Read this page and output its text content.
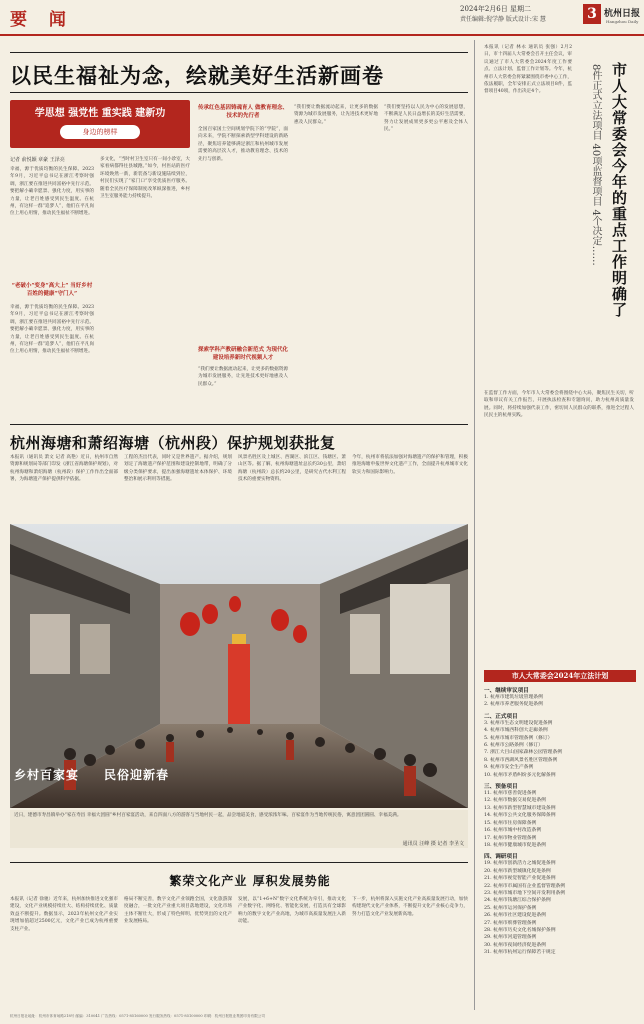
要 闻
2024年2月6日 星期二
责任编辑:倪学静 版式设计:宋 慧	3 杭州日报
Hangzhou Daily
以民生福祉为念，绘就美好生活新画卷
学思想 强党性 重实践 建新功
身边的榜样
记者 俞悦颖 章豪 王泽亮
幸福，源于优质均衡的民生保障。2023年9月，习近平总书记在浙江考察时强调，浙江要在推进共同富裕中先行示范。要把解小确幸愿景、强化力度，用实事的力量，让老百姓感受到民生温度。在杭州，有这样一群“追梦人”，他们在平凡岗位上用心用情，推动民生福祉不断增进。
“老破小”变身“高大上” 当好乡村百姓的健康“守门人”
幸福，源于优质均衡的民生保障。2023年9月，习近平总书记在浙江考察时强调，浙江要在推进共同富裕中先行示范。要把解小确幸愿景、强化力度，用实事的力量，让老百姓感受到民生温度。在杭州，有这样一群“追梦人”，他们在平凡岗位上用心用情，推动民生福祉不断增进。
多文化，“当时村卫生室只有一间小诊室，大家看病都得往县城跑。”如今，村医站的医疗环境焕然一新，新装备与新设施陆续到位，村民们实现了“家门口”享受优质医疗服务。随着全民医疗保障制度改革纵深推进，乡村卫生室服务能力持续提升。
传承红色基因铸魂育人 做教育理念、技术的先行者
全国百家国土空间规划学院下的“学院”，面向未来，学院不断探索新型学科建设的新路径，聚焦培养能够满足浙江和杭州城市发展需要的高层次人才，推动教育理念、技术的先行与创新。
探索学科产教研融合新范式 为现代化建设培养新时代视频人才
“我们要让数据流动起来，让更多的数据资源为城市发展服务，让先进技术更好地惠及人民群众。”
“我们要让数据流动起来，让更多的数据资源为城市发展服务，让先进技术更好地惠及人民群众。”
“我们要坚持以人民为中心的发展思想，不断满足人民日益增长的美好生活需要，努力让发展成果更多更公平惠及全体人民。”	市人大常委会今年的重点工作明确了
8件正式立法项目 40项监督项目 4个决定……
本报讯（记者 林永 通讯员 张强）2月2日，市十四届人大常委会召开主任会议，审议通过了市人大常委会2024年度工作要点、立法计划、监督工作计划等。今年，杭州市人大常委会将紧紧围绕市委中心工作，依法履职，全年安排正式立法项目8件，监督项目40项，作出决定4个。
在监督工作方面，今年市人大常委会将围绕中心大局，聚焦民生关切，听取和审议有关工作报告，开展执法检查和专题询问，助力杭州高质量发展。同时，将持续加强代表工作，密切同人民群众的联系，推进全过程人民民主的杭州实践。
市人大常委会2024年立法计划
一、继续审议项目
1. 杭州市建筑垃圾管理条例
2. 杭州市养老服务促进条例
二、正式项目
3. 杭州市生态文明建设促进条例
4. 杭州市城西科创大走廊条例
5. 杭州市城市管理条例（修订）
6. 杭州市公路条例（修订）
7. 浙江大目山国家森林公园管理条例
8. 杭州市西湖风景名胜区管理条例
9. 杭州市安全生产条例
10. 杭州市矛盾纠纷多元化解条例
三、预备项目
11. 杭州市慈善促进条例
12. 杭州市数据交易促进条例
13. 杭州市新型智慧城市建设条例
14. 杭州市公共文化服务保障条例
15. 杭州市住房保障条例
16. 杭州市城中村改造条例
17. 杭州市物业管理条例
18. 杭州市健康城市促进条例
四、调研项目
19. 杭州市创新活力之城促进条例
20. 杭州市新型城镇化促进条例
21. 杭州市视觉智能产业促进条例
22. 杭州市市属国有企业监督管理条例
23. 杭州市城市地下空间开发利用条例
24. 杭州市钱塘江综合保护条例
25. 杭州市运河保护条例
26. 杭州市社区建设促进条例
27. 杭州市殡葬管理条例
28. 杭州市历史文化名城保护条例
29. 杭州市河道管理条例
30. 杭州市夜间经济促进条例
31. 杭州市杭州运行保障若干规定
杭州海塘和萧绍海塘（杭州段）保护规划获批复
本报讯（通讯员 萧文 记者 高艳）近日，杭州市自然资源和规划局等部门印发《浙江省海塘保护规划》，对杭州海塘和萧绍海塘（杭州段）保护工作作出全面部署，为海塘遗产保护提供科学依据。
工程的杰出代表，同时又是世界遗产。据介绍，规划划定了海塘遗产保护范围和建设控制地带，明确了分级分类保护要求，提出加强海塘遗址本体保护、环境整治和展示利用等措施。
风景名胜区及上城区、西湖区、滨江区、钱塘区、萧山区等。据了解，杭州海塘遗址总长约30公里，萧绍海塘（杭州段）总长约20公里，是研究古代水利工程技术的重要实物资料。
今年，杭州市将依法加强对海塘遗产的保护和管理，积极推进海塘申报世界文化遗产工作，全面提升杭州城市文化软实力和国际影响力。
乡村百家宴 民俗迎新春
近日，建德市寿昌镇举办“家在寿昌 幸福大团圆”乡村百家宴活动，来自四面八方的游客与当地村民一起，品尝地道美食，感受浓浓年味。百家宴作为当地传统民俗，寓意团团圆圆、幸福美满。
通讯员 汪峰 摄 记者 李圣文
繁荣文化产业 厚积发展势能
本报讯（记者 徐驰）近年来，杭州加快推进文化强市建设，文化产业规模持续壮大、结构持续优化、质量效益不断提升。数据显示，2023年杭州文化产业实现增加值超过2500亿元，文化产业已成为杭州重要支柱产业。
格局不断完善，数字文化产业领跑全国，文化旅游深度融合，一批文化产业重大项目落地建设，文化市场主体不断壮大，形成了特色鲜明、优势突出的文化产业发展格局。
发展，以“1+6+N”数字文化系统为牵引，推动文化产业数字化、网络化、智能化发展，打造具有全球影响力的数字文化产业高地，为城市高质量发展注入新动能。
下一步，杭州将深入实施文化产业高质量发展行动，加快构建现代文化产业体系，不断提升文化产业核心竞争力，努力打造文化产业发展新高地。
杭州日报社地址：杭州市体育场路218号 邮编：310041 广告热线：0571-85160000 发行服务热线：0571-85100000 印刷：杭州日报报业集团印务有限公司
